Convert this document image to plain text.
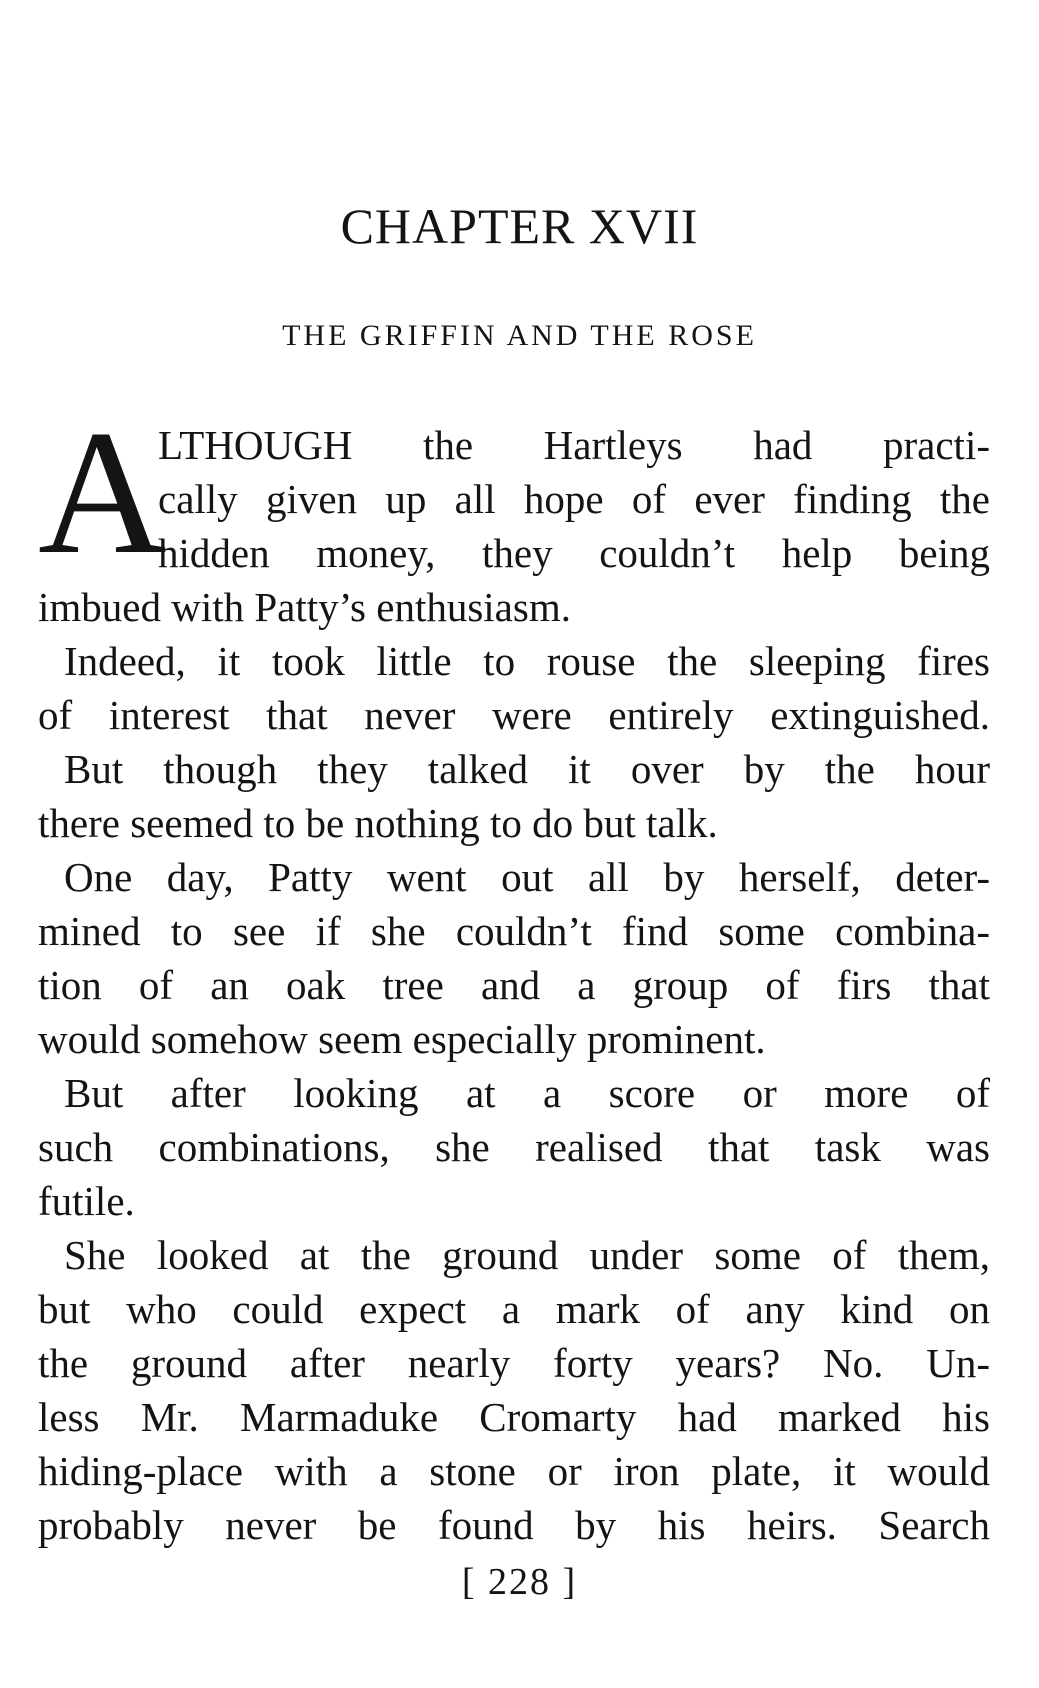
CHAPTER XVII
THE GRIFFIN AND THE ROSE
A
LTHOUGH the Hartleys had practi-
cally given up all hope of ever finding the
hidden money, they couldn’t help being
imbued with Patty’s enthusiasm.
Indeed, it took little to rouse the sleeping fires
of interest that never were entirely extinguished.
But though they talked it over by the hour
there seemed to be nothing to do but talk.
One day, Patty went out all by herself, deter-
mined to see if she couldn’t find some combina-
tion of an oak tree and a group of firs that
would somehow seem especially prominent.
But after looking at a score or more of
such combinations, she realised that task was
futile.
She looked at the ground under some of them,
but who could expect a mark of any kind on
the ground after nearly forty years? No. Un-
less Mr. Marmaduke Cromarty had marked his
hiding-place with a stone or iron plate, it would
probably never be found by his heirs. Search
[ 228 ]
